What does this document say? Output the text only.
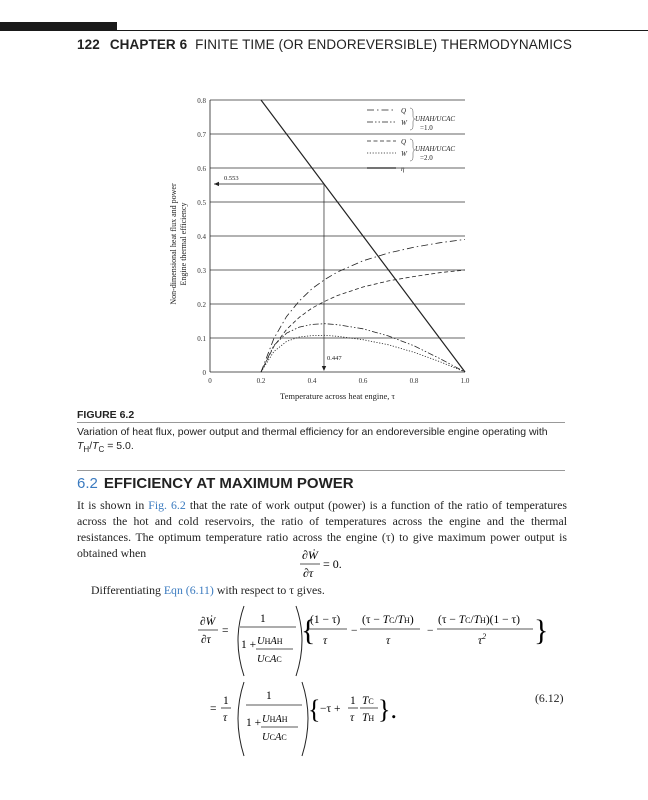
122 CHAPTER 6 FINITE TIME (OR ENDOREVERSIBLE) THERMODYNAMICS
0
0.1
0.2
0.3
0.4
0.5
0.6
0.7
0.8
0	0.2	0.4	0.6	0.8	1.0
Q
W
Q
W
η
UHAH/UCAC
=1.0
UHAH/UCAC
=2.0
Temperature across heat engine, τ
Non-dimensional heat flux and power Engine thermal efficiency
0.553
0.447
FIGURE 6.2
Variation of heat flux, power output and thermal efficiency for an endoreversible engine operating with
$T_H/T_C = 5.0$.
6.2 EFFICIENCY AT MAXIMUM POWER
It is shown in Fig. 6.2 that the rate of work output (power) is a function of the ratio of temperatures across the hot and cold reservoirs, the ratio of temperatures across the engine and the thermal resistances. The optimum temperature ratio across the engine (τ) to give maximum power output is obtained when	∂Ẇ
∂τ
= 0.
Differentiating Eqn (6.11) with respect to τ gives.
∂Ẇ
∂τ
=
1
1 + UHAH
UCAC
{
(1 − τ)
τ
−
(τ − TC/TH)
τ
−
(τ − TC/TH)(1 − τ)
$\tau^2$ }
=
1
τ
1
1 + UHAH
UCAC
{ −τ +
1
τ
TC
TH }.	(6.12)
